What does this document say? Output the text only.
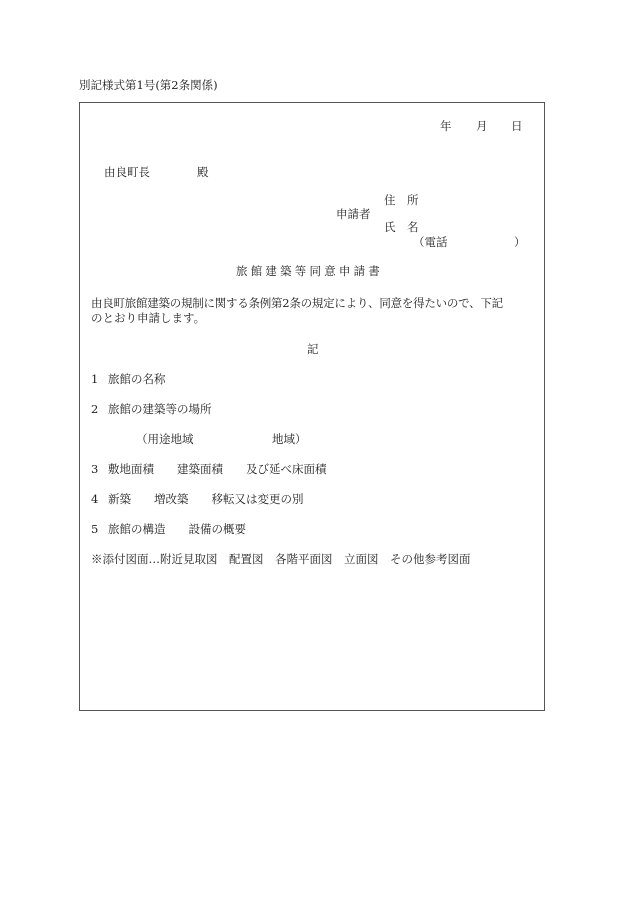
別記様式第1号(第2条関係)
年 月 日
由良町長	殿
住　所
申請者
氏　名
（電話	）
旅館建築等同意申請書
由良町旅館建築の規制に関する条例第2条の規定により、同意を得たいので、下記
のとおり申請します。
記
1 旅館の名称
2 旅館の建築等の場所
（用途地域	地域）
3 敷地面積　　建築面積　　及び延べ床面積
4 新築　　増改築　　移転又は変更の別
5 旅館の構造　　設備の概要
※添付図面…附近見取図　配置図　各階平面図　立面図　その他参考図面
